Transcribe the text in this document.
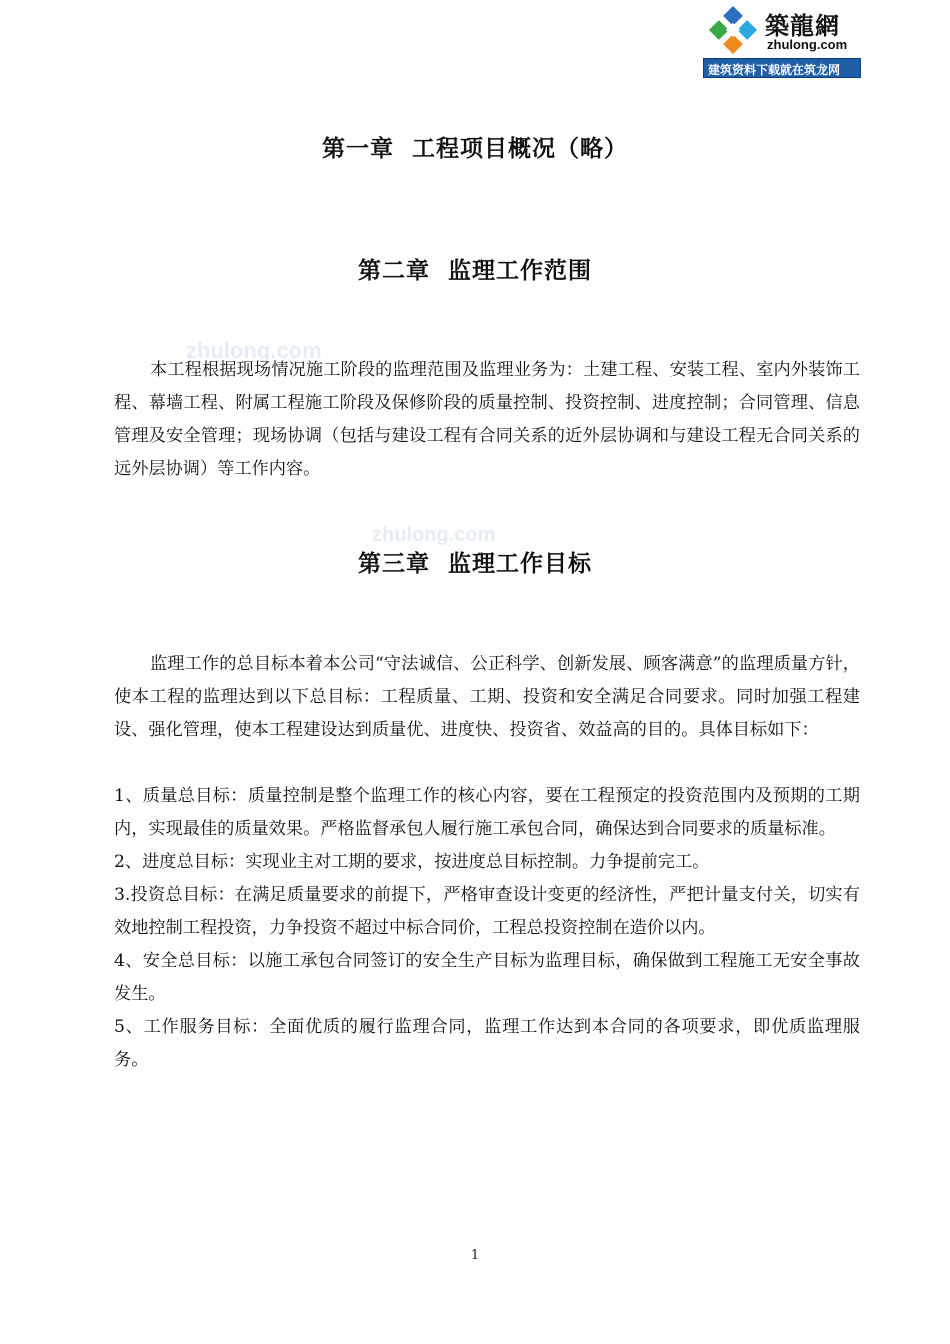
築龍網
zhulong.com
建筑资料下载就在筑龙网
zhulong.com
zhulong.com
第一章  工程项目概况（略）
第二章  监理工作范围

本工程根据现场情况施工阶段的监理范围及监理业务为：土建工程、安装工程、室内外装饰工程、幕墙工程、附属工程施工阶段及保修阶段的质量控制、投资控制、进度控制；合同管理、信息管理及安全管理；现场协调（包括与建设工程有合同关系的近外层协调和与建设工程无合同关系的远外层协调）等工作内容。

第三章  监理工作目标

监理工作的总目标本着本公司“守法诚信、公正科学、创新发展、顾客满意”的监理质量方针，使本工程的监理达到以下总目标：工程质量、工期、投资和安全满足合同要求。同时加强工程建设、强化管理，使本工程建设达到质量优、进度快、投资省、效益高的目的。具体目标如下：

1、质量总目标：质量控制是整个监理工作的核心内容，要在工程预定的投资范围内及预期的工期内，实现最佳的质量效果。严格监督承包人履行施工承包合同，确保达到合同要求的质量标准。
2、进度总目标：实现业主对工期的要求，按进度总目标控制。力争提前完工。
3.投资总目标：在满足质量要求的前提下，严格审查设计变更的经济性，严把计量支付关，切实有效地控制工程投资，力争投资不超过中标合同价，工程总投资控制在造价以内。
4、安全总目标：以施工承包合同签订的安全生产目标为监理目标，确保做到工程施工无安全事故发生。
5、工作服务目标：全面优质的履行监理合同，监理工作达到本合同的各项要求，即优质监理服务。
1
